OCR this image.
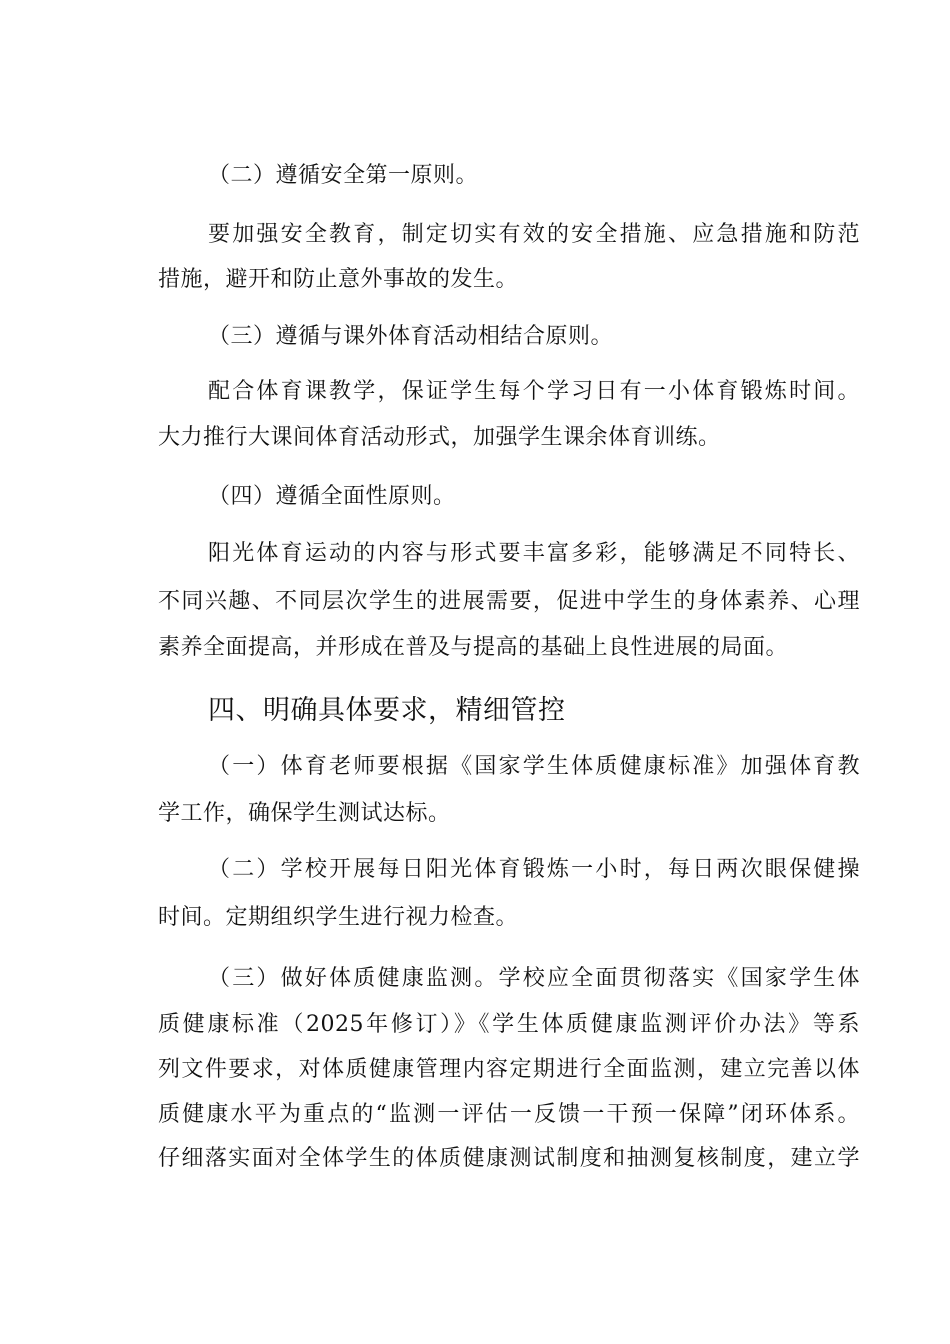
（二）遵循安全第一原则。
要加强安全教育，制定切实有效的安全措施、应急措施和防范
措施，避开和防止意外事故的发生。
（三）遵循与课外体育活动相结合原则。
配合体育课教学，保证学生每个学习日有一小体育锻炼时间。
大力推行大课间体育活动形式，加强学生课余体育训练。
（四）遵循全面性原则。
阳光体育运动的内容与形式要丰富多彩，能够满足不同特长、
不同兴趣、不同层次学生的进展需要，促进中学生的身体素养、心理
素养全面提高，并形成在普及与提高的基础上良性进展的局面。
四、明确具体要求，精细管控
（一）体育老师要根据《国家学生体质健康标准》加强体育教
学工作，确保学生测试达标。
（二）学校开展每日阳光体育锻炼一小时，每日两次眼保健操
时间。定期组织学生进行视力检查。
（三）做好体质健康监测。学校应全面贯彻落实《国家学生体
质健康标准（2025年修订）》《学生体质健康监测评价办法》等系
列文件要求，对体质健康管理内容定期进行全面监测，建立完善以体
质健康水平为重点的“监测一评估一反馈一干预一保障”闭环体系。
仔细落实面对全体学生的体质健康测试制度和抽测复核制度，建立学
